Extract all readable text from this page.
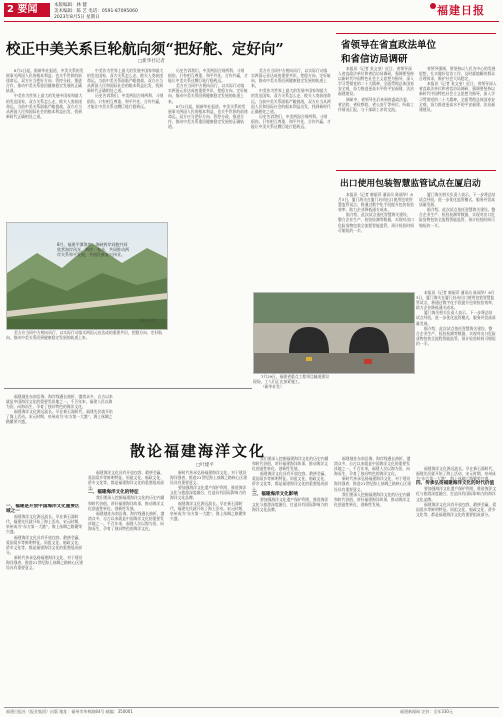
2 要闻	本版编辑：林 健
美术编辑：陈 艺 电话：0591-87095060
2023年8月5日 星期日
福建日报
校正中美关系巨轮航向须“把好舵、定好向”
□新华社记者

8月2日起，据新华社报道，中美关系的发展事关两国人民的根本利益，也关乎世界的前途命运。双方应当把好方向、管控分歧、推进合作，推动中美关系重回健康稳定发展的正确轨道。

中美作为世界上最大的发展中国家和最大的发达国家，双方关系怎么走，攸关人类前途命运。当前中美关系面临严峻挑战，双方应当从两国人民和国际社会的根本利益出发，找到新时代正确相处之道。

中美作为世界上最大的发展中国家和最大的发达国家，双方关系怎么走，攸关人类前途命运。当前中美关系面临严峻挑战，双方应当从两国人民和国际社会的根本利益出发，找到新时代正确相处之道。

历史告诉我们，中美两国合则两利、斗则俱伤。只有相互尊重、和平共处、合作共赢，才能让中美关系这艘巨轮行稳致远。

历史告诉我们，中美两国合则两利、斗则俱伤。只有相互尊重、和平共处、合作共赢，才能让中美关系这艘巨轮行稳致远。

美方应当同中方相向而行，以实际行动落实两国元首达成的重要共识，把稳方向、定好航向，推动中美关系回到健康稳定发展的轨道上来。

8月2日起，据新华社报道，中美关系的发展事关两国人民的根本利益，也关乎世界的前途命运。双方应当把好方向、管控分歧、推进合作，推动中美关系重回健康稳定发展的正确轨道。

美方应当同中方相向而行，以实际行动落实两国元首达成的重要共识，把稳方向、定好航向，推动中美关系回到健康稳定发展的轨道上来。

中美作为世界上最大的发展中国家和最大的发达国家，双方关系怎么走，攸关人类前途命运。当前中美关系面临严峻挑战，双方应当从两国人民和国际社会的根本利益出发，找到新时代正确相处之道。

历史告诉我们，中美两国合则两利、斗则俱伤。只有相互尊重、和平共处、合作共赢，才能让中美关系这艘巨轮行稳致远。

美方应当同中方相向而行，以实际行动落实两国元首达成的重要共识，把稳方向、定好航向，推动中美关系回到健康稳定发展的轨道上来。

8月，福建平潭海岸，海峡两岸同胞共同欣赏海岸风光，两岸一家亲，共同推动两岸关系和平发展，共创民族复兴伟业。
新华社发
省领导在省直政法单位
和省信访局调研

本报讯（记者 张文奎）近日，省领导深入省直政法单位和省信访局调研，强调要坚持以新时代中国特色社会主义思想为指导，深入学习贯彻党的二十大精神，全面贯彻总体国家安全观，奋力推进更高水平的平安福建、法治福建建设。

调研中，省领导先后来到省委政法委、省法院、省检察院、省公安厅等单位，听取工作情况汇报，与干部职工亲切交流。

省领导强调，要坚持以人民为中心的发展思想，扎实做好信访工作，及时就地解决群众合理诉求，维护社会大局稳定。

本报讯（记者 张文奎）近日，省领导深入省直政法单位和省信访局调研，强调要坚持以新时代中国特色社会主义思想为指导，深入学习贯彻党的二十大精神，全面贯彻总体国家安全观，奋力推进更高水平的平安福建、法治福建建设。

出口使用包装智慧监管试点在厦启动

本报讯（记者 廖丽萍 通讯员 陈丽华）8月3日，厦门海关在厦门启动出口使用包装智慧监管试点，将通过数字化手段提升包装检验效率，助力企业降低通关成本。

据介绍，此次试点依托智慧海关建设，整合企业生产、检验检测等数据，实现对出口危险货物包装全流程智能监管，预计检验时间可缩短约一半。

厦门海关相关负责人表示，下一步将总结试点经验，进一步优化监管模式，服务外贸高质量发展。

据介绍，此次试点依托智慧海关建设，整合企业生产、检验检测等数据，实现对出口危险货物包装全流程智能监管，预计检验时间可缩短约一半。

7月29日，福建省重点工程项目隧道建设现场，工人们正在加紧施工。

（新华社发）

本报讯（记者 廖丽萍 通讯员 陈丽华）8月3日，厦门海关在厦门启动出口使用包装智慧监管试点，将通过数字化手段提升包装检验效率，助力企业降低通关成本。

厦门海关相关负责人表示，下一步将总结试点经验，进一步优化监管模式，服务外贸高质量发展。

据介绍，此次试点依托智慧海关建设，整合企业生产、检验检测等数据，实现对出口危险货物包装全流程智能监管，预计检验时间可缩短约一半。

散论福建海洋文化
□叶建平

福建地处东南沿海，海岸线漫长曲折，港湾众多，自古以来就是中国海洋文化的重要发祥地之一。千百年来，福建人民以海为田，向海而生，孕育了独具特色的海洋文化。

福建海洋文化源远流长。早在新石器时代，福建先民就开始了海上活动。宋元时期，泉州成为“东方第一大港”，海上丝绸之路繁荣兴盛。

一、福建是开放中国海洋文化重要区域之一

福建海洋文化源远流长。早在新石器时代，福建先民就开始了海上活动。宋元时期，泉州成为“东方第一大港”，海上丝绸之路繁荣兴盛。

福建海洋文化具有开放包容、敢拼会赢、爱国爱乡等鲜明特征。妈祖文化、船政文化、侨乡文化等，都是福建海洋文化的重要组成部分。

新时代传承弘扬福建海洋文化，对于建设海洋强省、推进21世纪海上丝绸之路核心区建设具有重要意义。

福建海洋文化具有开放包容、敢拼会赢、爱国爱乡等鲜明特征。妈祖文化、船政文化、侨乡文化等，都是福建海洋文化的重要组成部分。

二、福建海洋文化的特征

我们要深入挖掘福建海洋文化的历史内涵和时代价值，讲好福建海洋故事，推动海洋文化创造性转化、创新性发展。

福建地处东南沿海，海岸线漫长曲折，港湾众多，自古以来就是中国海洋文化的重要发祥地之一。千百年来，福建人民以海为田，向海而生，孕育了独具特色的海洋文化。

新时代传承弘扬福建海洋文化，对于建设海洋强省、推进21世纪海上丝绸之路核心区建设具有重要意义。

要加强海洋文化遗产保护利用，推进海洋文化与旅游深度融合，打造具有国际影响力的海洋文化品牌。

福建海洋文化源远流长。早在新石器时代，福建先民就开始了海上活动。宋元时期，泉州成为“东方第一大港”，海上丝绸之路繁荣兴盛。

我们要深入挖掘福建海洋文化的历史内涵和时代价值，讲好福建海洋故事，推动海洋文化创造性转化、创新性发展。

福建海洋文化具有开放包容、敢拼会赢、爱国爱乡等鲜明特征。妈祖文化、船政文化、侨乡文化等，都是福建海洋文化的重要组成部分。

三、福建海洋文化影响

要加强海洋文化遗产保护利用，推进海洋文化与旅游深度融合，打造具有国际影响力的海洋文化品牌。

福建地处东南沿海，海岸线漫长曲折，港湾众多，自古以来就是中国海洋文化的重要发祥地之一。千百年来，福建人民以海为田，向海而生，孕育了独具特色的海洋文化。

新时代传承弘扬福建海洋文化，对于建设海洋强省、推进21世纪海上丝绸之路核心区建设具有重要意义。

我们要深入挖掘福建海洋文化的历史内涵和时代价值，讲好福建海洋故事，推动海洋文化创造性转化、创新性发展。

福建海洋文化源远流长。早在新石器时代，福建先民就开始了海上活动。宋元时期，泉州成为“东方第一大港”，海上丝绸之路繁荣兴盛。

四、传承弘扬福建海洋文化的时代价值

要加强海洋文化遗产保护利用，推进海洋文化与旅游深度融合，打造具有国际影响力的海洋文化品牌。

福建海洋文化具有开放包容、敢拼会赢、爱国爱乡等鲜明特征。妈祖文化、船政文化、侨乡文化等，都是福建海洋文化的重要组成部分。

福建日报社（报业集团）出版 地址：福州市华林路84号 邮编：350001	福建新闻网 定价：全年330元
